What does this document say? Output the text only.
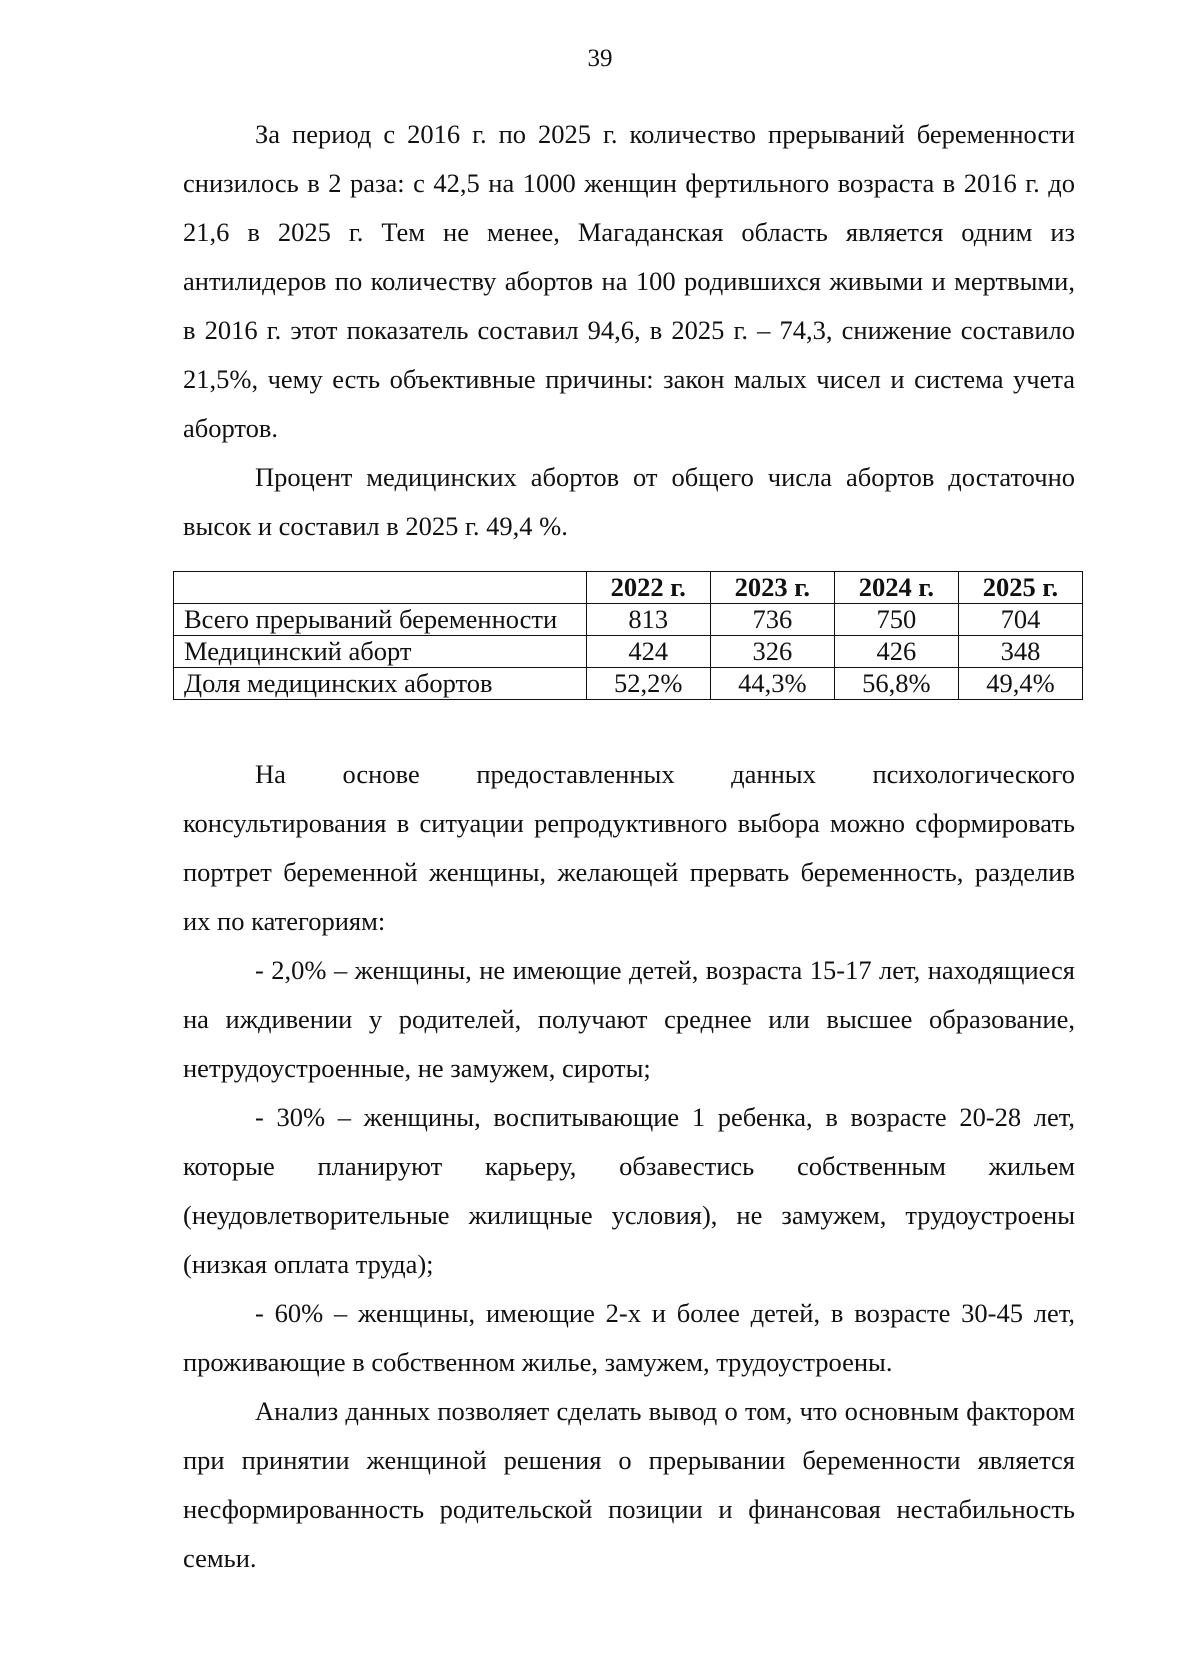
39

За период с 2016 г. по 2025 г. количество прерываний беременности снизилось в 2 раза: с 42,5 на 1000 женщин фертильного возраста в 2016 г. до 21,6 в 2025 г. Тем не менее, Магаданская область является одним из антилидеров по количеству абортов на 100 родившихся живыми и мертвыми, в 2016 г. этот показатель составил 94,6, в 2025 г. – 74,3, снижение составило 21,5%, чему есть объективные причины: закон малых чисел и система учета абортов.

Процент медицинских абортов от общего числа абортов достаточно высок и составил в 2025 г. 49,4 %.

	2022 г.	2023 г.	2024 г.	2025 г.
Всего прерываний беременности	813	736	750	704
Медицинский аборт	424	326	426	348
Доля медицинских абортов	52,2%	44,3%	56,8%	49,4%

На основе предоставленных данных психологического консультирования в ситуации репродуктивного выбора можно сформировать портрет беременной женщины, желающей прервать беременность, разделив их по категориям:

- 2,0% – женщины, не имеющие детей, возраста 15-17 лет, находящиеся на иждивении у родителей, получают среднее или высшее образование, нетрудоустроенные, не замужем, сироты;

- 30% – женщины, воспитывающие 1 ребенка, в возрасте 20-28 лет, которые планируют карьеру, обзавестись собственным жильем (неудовлетворительные жилищные условия), не замужем, трудоустроены (низкая оплата труда);

- 60% – женщины, имеющие 2-х и более детей, в возрасте 30-45 лет, проживающие в собственном жилье, замужем, трудоустроены.

Анализ данных позволяет сделать вывод о том, что основным фактором при принятии женщиной решения о прерывании беременности является несформированность родительской позиции и финансовая нестабильность семьи.
